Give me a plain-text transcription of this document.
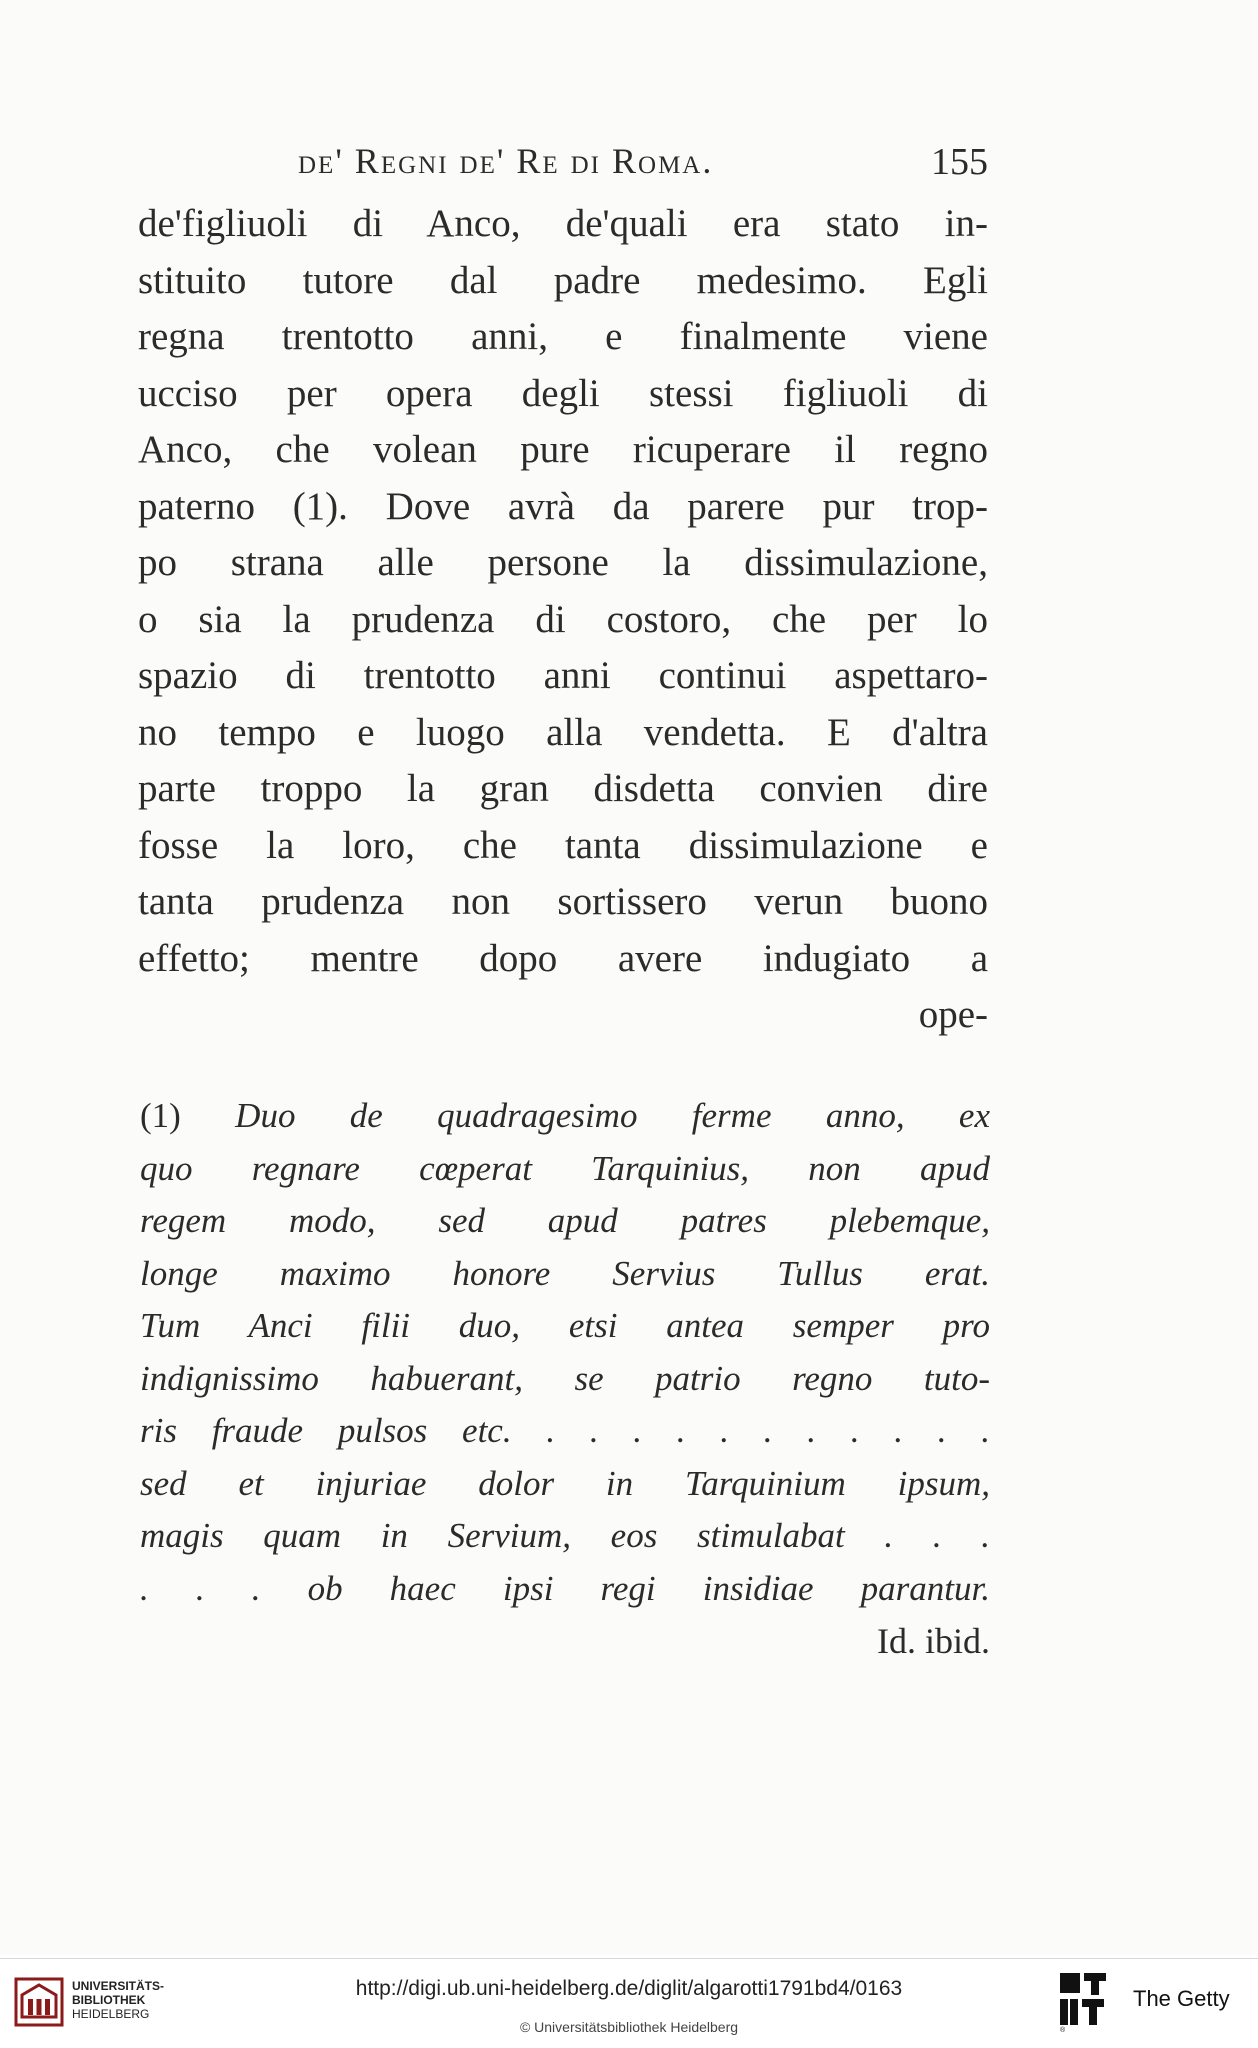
de' Regni de' Re di Roma.	155
de'figliuoli di Anco, de'quali era stato in-
stituito tutore dal padre medesimo. Egli
regna trentotto anni, e finalmente viene
ucciso per opera degli stessi figliuoli di
Anco, che volean pure ricuperare il regno
paterno (1). Dove avrà da parere pur trop-
po strana alle persone la dissimulazione,
o sia la prudenza di costoro, che per lo
spazio di trentotto anni continui aspettaro-
no tempo e luogo alla vendetta. E d'altra
parte troppo la gran disdetta convien dire
fosse la loro, che tanta dissimulazione e
tanta prudenza non sortissero verun buono
effetto; mentre dopo avere indugiato a
ope-
(1) Duo de quadragesimo ferme anno, ex
quo regnare cœperat Tarquinius, non apud
regem modo, sed apud patres plebemque,
longe maximo honore Servius Tullus erat.
Tum Anci filii duo, etsi antea semper pro
indignissimo habuerant, se patrio regno tuto-
ris fraude pulsos etc. . . . . . . . . . . .
sed et injuriae dolor in Tarquinium ipsum,
magis quam in Servium, eos stimulabat . . .
. . . ob haec ipsi regi insidiae parantur.
Id. ibid.
UNIVERSITÄTS-
BIBLIOTHEK
HEIDELBERG
http://digi.ub.uni-heidelberg.de/diglit/algarotti1791bd4/0163
© Universitätsbibliothek Heidelberg	®
The Getty
